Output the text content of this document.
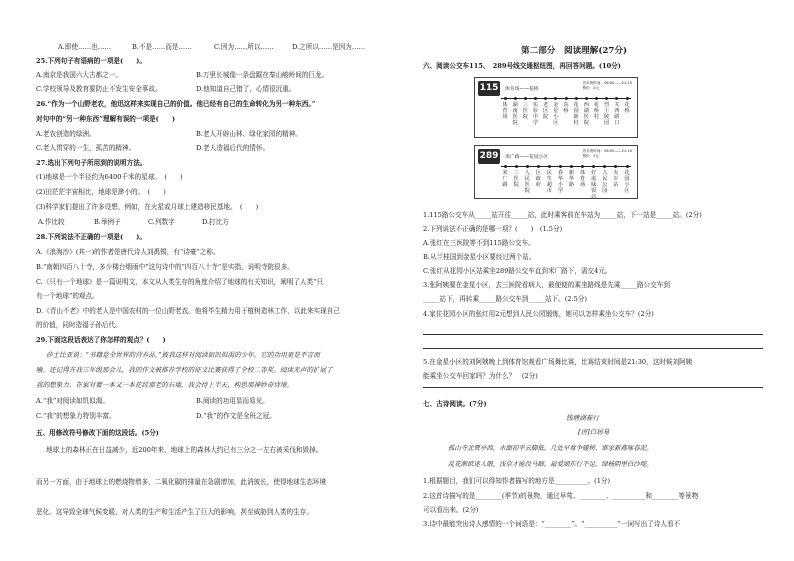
A.即使……也……	B.不是……而是……	C.因为……所以……	D.之所以……是因为……
25.下列句子有语病的一项是(　　)。
A.南京是我国六大古都之一。	B.万里长城像一条盘踞在秦山峻岭间的巨龙。
C.学校领导及教育要防止不发生安全事故。	D.他知道自己错了，心情很沉重。
26.“作为一个山野老农，他迅这样来实现自己的价值。他已经有自己的生命转化为另一种东西。”
对句中的“另一种东西”理解有误的一项是(　　)
A.老农创造的绿洲。	B.老人开辟山林、绿化家园的精神。
C.老人贯穿的一生，孤苦的精神。	D.老人造福后代的情怀。
27.选出下列句子所用到的说明方法。
(1)地球是一个半径约为6400千米的星球。　(　　)
(2)田茫茫宇宙相比，地球是渺小的。　(　　)
(3)科学家们提出了许多设想，例如，在火星或月球上建造移民基地。　(　　)
A.作比较	B.举例子	C.列数字	D.打比方
28.下列说法不正确的一项是(　　)。
A.《浪淘沙》(其一)的作者是唐代诗人刘禹锡，有“诗豪”之称。
B.“南朝四百八十寺，多少楼台烟雨中”这句诗中的“四百八十寺”是实指，说明寺院很多。
C.《只有一个地球》是一篇说明文，本文从人类生存的角度介绍了地球的有关知识，阐明了人类“只
有一个地球”的观点。
D.《青山不老》中的老人是中国农村的一位山野老农。他将毕生精力用于植树造林工作，以此来实现自己
的价值，同时造福子孙后代。
29.下面这段话表达了你怎样的观点？(　　)
莎士比亚说：“书籍是全世界的营养品。”彼我这样对阅读如饥似渴的少年，它的功用更是不言而
喻。还记得在我三年级那会儿，我的作文被推荐学校的征文比赛获得了全校二等奖。阅读无声的扩展了
我的想象力，在家对着一本又一本花纹那老的石墙，我会待上半天，构思那神妙奇诗境。
A.“我”对阅读如饥似渴。	B.阅读的功用显而易见。
C.“我”的想象力特别丰富。	D.“我”的作文是全班之冠。
五、用修改符号修改下面的这段话。(5分)
地球上的森林正在日益减少，近200年来，地球上的森林大约已有三分之一左右被采伐和毁掉。
而另一方面，由于地球上的燃烧物增多，二氧化碳的排量在急剧增加，此消彼长，使得地球生态环境
恶化。这导致全球气候变暖，对人类的生产和生活产生了巨大的影响，甚至威胁到人类的生存。
第二部分　阅读理解(27分)
六、阅读公交车115、　289号线交通枢纽图，再回答问题。(10分)
115	体育场——花桥
首末班时间：06:00——21:10
票价：2元
体育场
湖南医院
三医院
实验中学
老区院
金星小区
东桥
花园新村
西湖医院
花桥村
烈士陵园
关西路口
花桥
289	米广路——花园小区
首末班时间：06:00——21:10
票价：2元
米广路
三医院
人民医院
区政府
民生超市
春华小学
新华路
体育场
好滋味饭店
人民公园
火车站
花园小区
1.115路公交车从_____站开往_____站，此时乘客前在车站为_____站，下一站是_____站。(2分)
2.下列说法不正确的是哪一项？(　　)　(1.5分)
A.张红在三医院等不到115路公交车。
B.从兰桂国到金星小区要经过两个站。
C.张红从花园小区站乘坐289路公交车直到米厂路下，需交4元。
3.张阿姨要在金星小区，去三医院看病人，最便便的乘坐路线是先乘_____路公交车到
_____站下，再转乘_____路公交车到_____站下。(2.5分)
4.家住花园小区的张红用2元想到人民公园锻炼，她可以怎样乘坐公交车？(2分)
5.在金星小区的刘阿姨晚上到体育馆观看广场舞比赛，比赛结束时间是21:30，这时候刘阿姨
能乘坐公交车回家吗？为什么？　(2分)
七、古诗阅读。(7分)
钱塘湖春行
[唐]白居易
孤山寺北贾亭西，水面初平云脚低。几处早莺争暖树，谁家新燕啄春泥。
乱花渐欲迷人眼，浅草才能没马蹄。最爱湖东行不足，绿杨阴里白沙堤。
1.根据题目，我们可以得知作者描写的地方是__________。(1分)
2.这首诗描写的是________(季节)的景物，通过早莺、________、__________和________等景物
可以看出来。(2分)
3.诗中最能突出诗人感情的一个词语是：“________”。“__________”一词写出了诗人看不
